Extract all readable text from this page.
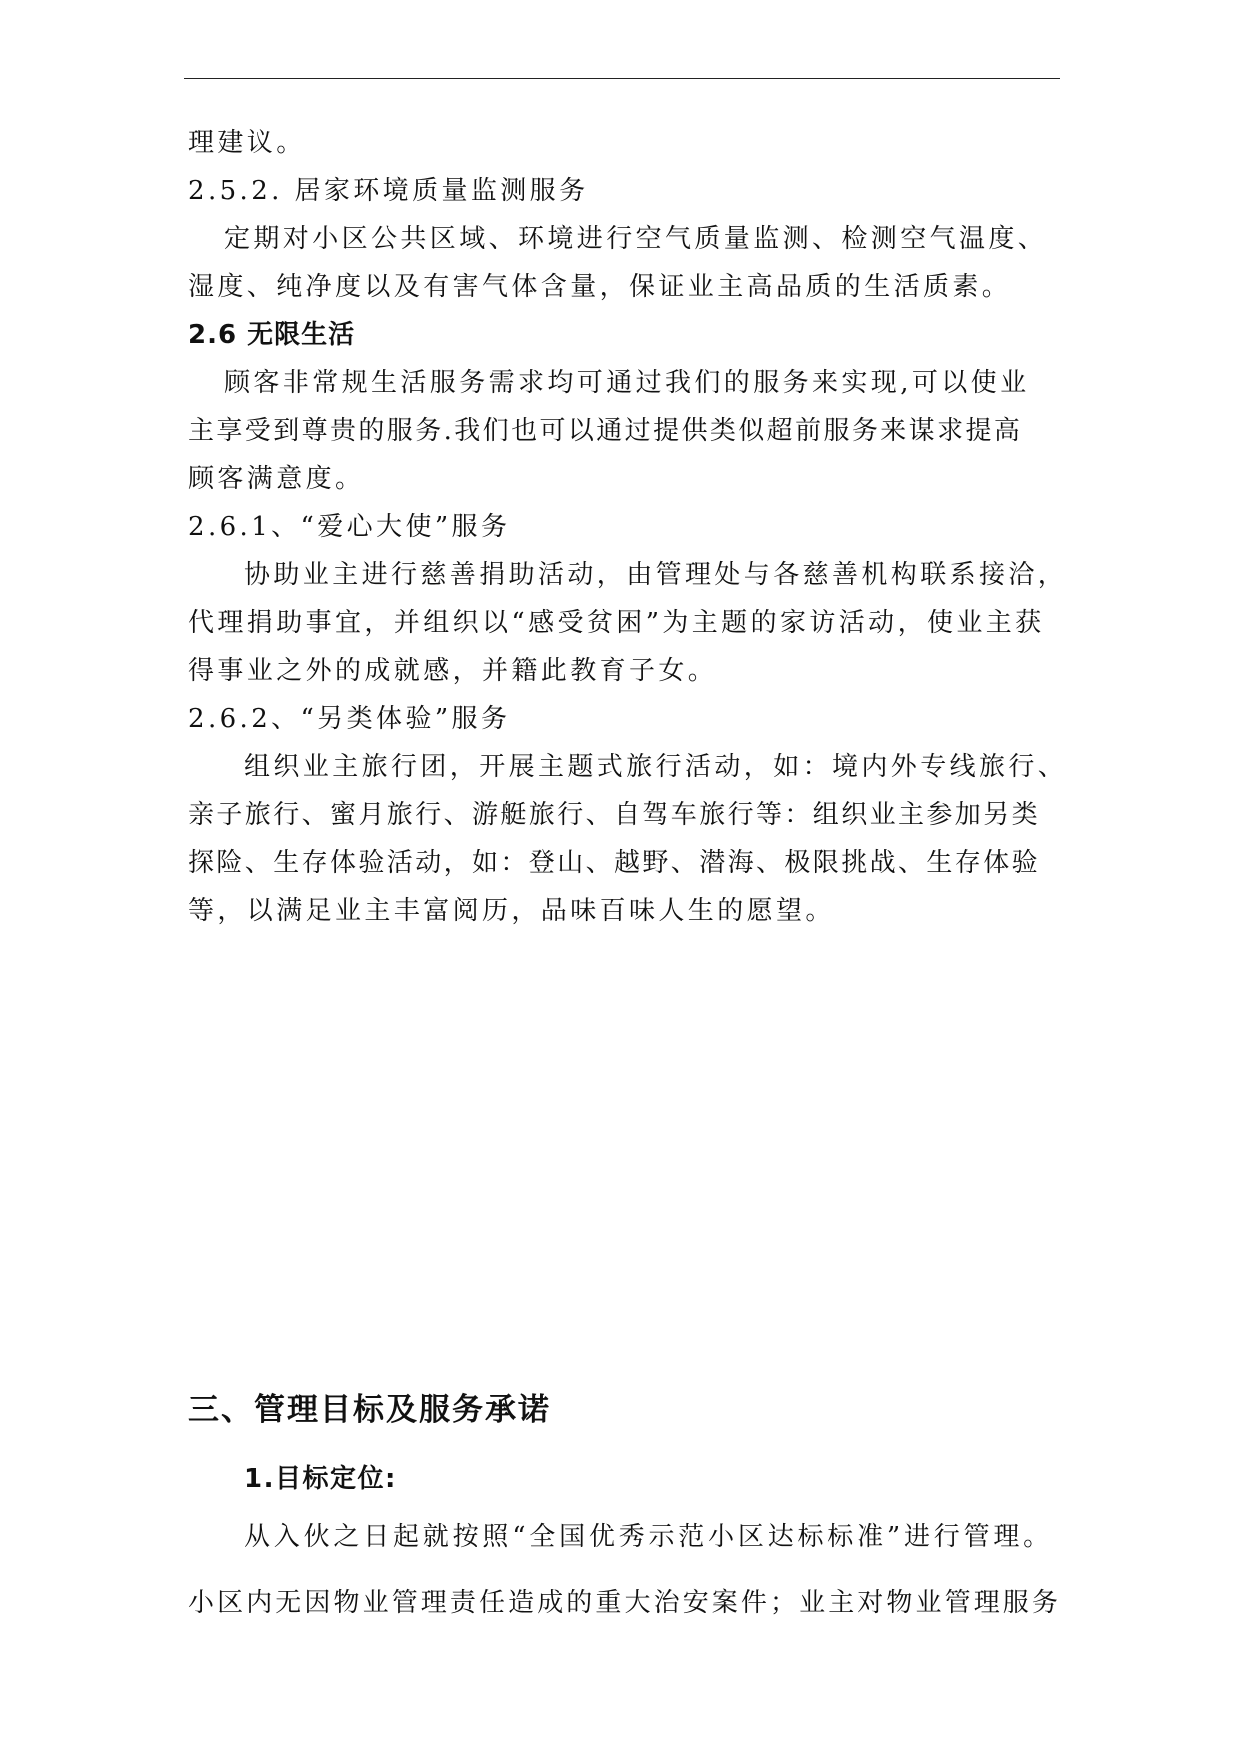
理建议。

2.5.2. 居家环境质量监测服务

定期对小区公共区域、环境进行空气质量监测、检测空气温度、

湿度、纯净度以及有害气体含量，保证业主高品质的生活质素。

2.6 无限生活

顾客非常规生活服务需求均可通过我们的服务来实现,可以使业

主享受到尊贵的服务.我们也可以通过提供类似超前服务来谋求提高

顾客满意度。

2.6.1、“爱心大使”服务

协助业主进行慈善捐助活动，由管理处与各慈善机构联系接洽，

代理捐助事宜，并组织以“感受贫困”为主题的家访活动，使业主获

得事业之外的成就感，并籍此教育子女。

2.6.2、“另类体验”服务

组织业主旅行团，开展主题式旅行活动，如：境内外专线旅行、

亲子旅行、蜜月旅行、游艇旅行、自驾车旅行等：组织业主参加另类

探险、生存体验活动，如：登山、越野、潜海、极限挑战、生存体验

等，以满足业主丰富阅历，品味百味人生的愿望。

三、管理目标及服务承诺

1.目标定位:

从入伙之日起就按照“全国优秀示范小区达标标准”进行管理。

小区内无因物业管理责任造成的重大治安案件；业主对物业管理服务
